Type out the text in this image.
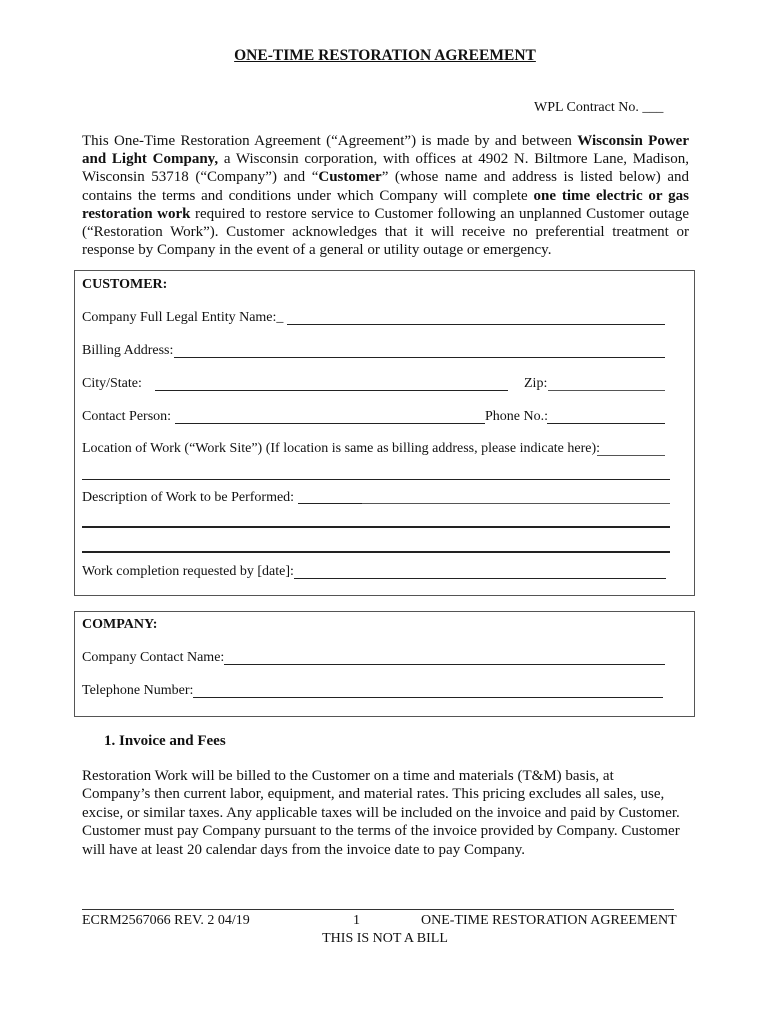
ONE-TIME RESTORATION AGREEMENT
WPL Contract No. ___

This One-Time Restoration Agreement (“Agreement”) is made by and between Wisconsin Power and Light Company, a Wisconsin corporation, with offices at 4902 N. Biltmore Lane, Madison, Wisconsin 53718 (“Company”) and “Customer” (whose name and address is listed below) and contains the terms and conditions under which Company will complete one time electric or gas restoration work required to restore service to Customer following an unplanned Customer outage (“Restoration Work”). Customer acknowledges that it will receive no preferential treatment or response by Company in the event of a general or utility outage or emergency.

CUSTOMER:
Company Full Legal Entity Name:_
Billing Address:
City/State:	Zip:
Contact Person:	Phone No.:
Location of Work (“Work Site”) (If location is same as billing address, please indicate here):
Description of Work to be Performed:
Work completion requested by [date]:
COMPANY:
Company Contact Name:
Telephone Number:
1. Invoice and Fees

Restoration Work will be billed to the Customer on a time and materials (T&M) basis, at Company’s then current labor, equipment, and material rates. This pricing excludes all sales, use, excise, or similar taxes. Any applicable taxes will be included on the invoice and paid by Customer. Customer must pay Company pursuant to the terms of the invoice provided by Company. Customer will have at least 20 calendar days from the invoice date to pay Company.

ECRM2567066 REV. 2 04/19	1	ONE-TIME RESTORATION AGREEMENT
THIS IS NOT A BILL
